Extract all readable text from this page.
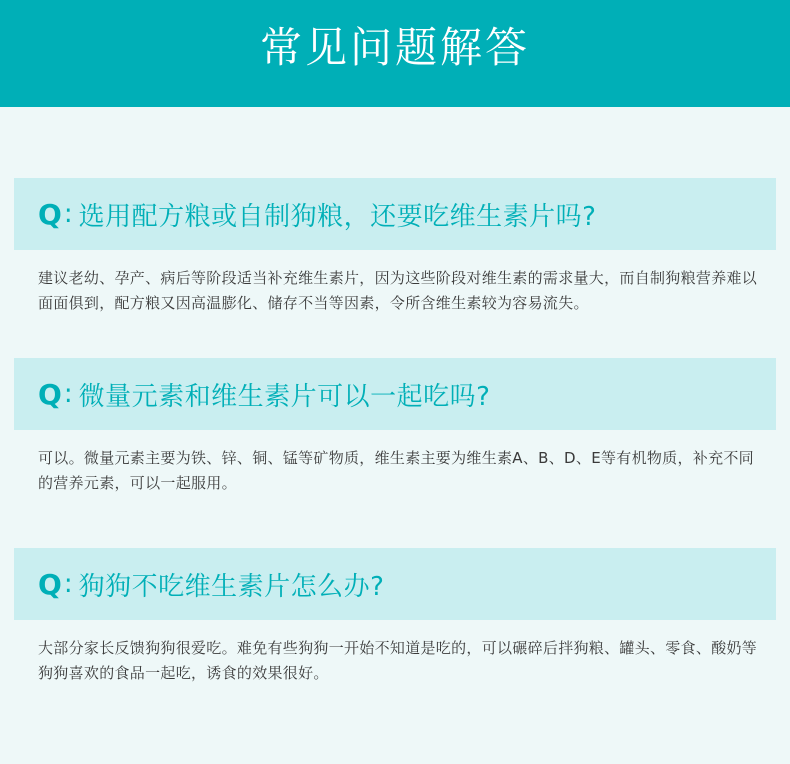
常见问题解答
Q : 选用配方粮或自制狗粮，还要吃维生素片吗?
建议老幼、孕产、病后等阶段适当补充维生素片，因为这些阶段对维生素的需求量大，而自制狗粮营养难以面面俱到，配方粮又因高温膨化、储存不当等因素，令所含维生素较为容易流失。
Q : 微量元素和维生素片可以一起吃吗?
可以。微量元素主要为铁、锌、铜、锰等矿物质，维生素主要为维生素A、B、D、E等有机物质，补充不同的营养元素，可以一起服用。
Q : 狗狗不吃维生素片怎么办?
大部分家长反馈狗狗很爱吃。难免有些狗狗一开始不知道是吃的，可以碾碎后拌狗粮、罐头、零食、酸奶等狗狗喜欢的食品一起吃，诱食的效果很好。
